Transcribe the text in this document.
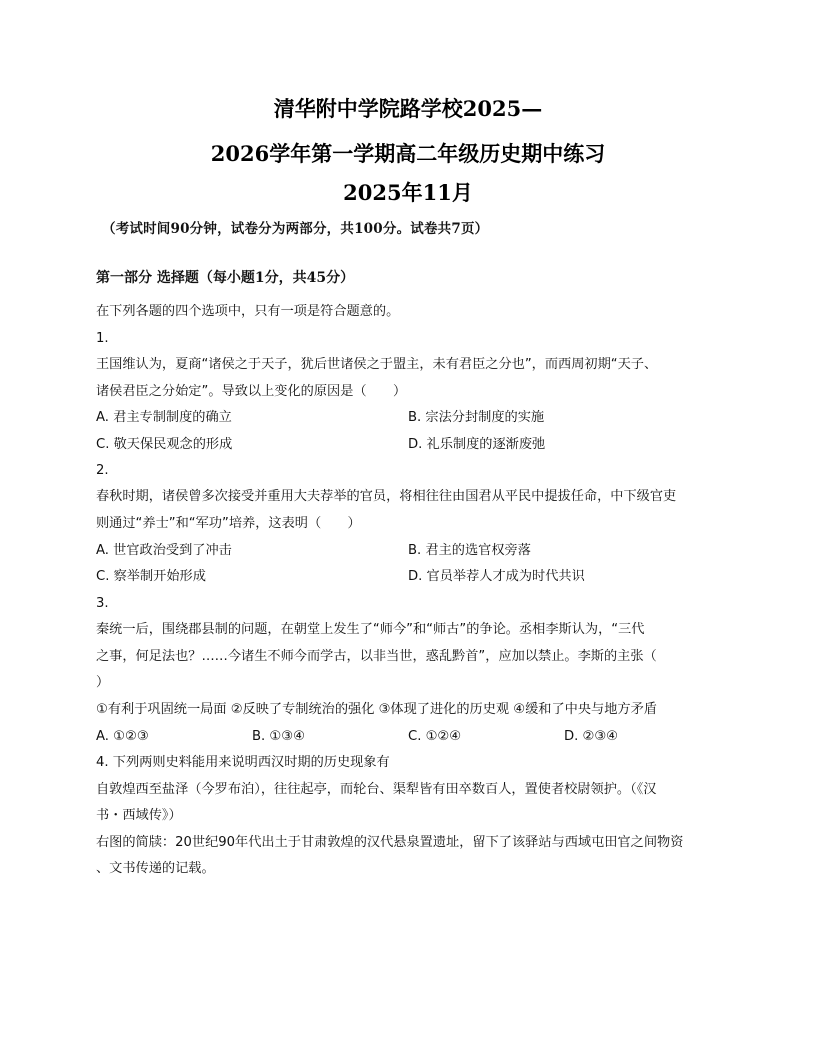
清华附中学院路学校2025—
2026学年第一学期高二年级历史期中练习
2025年11月
（考试时间90分钟，试卷分为两部分，共100分。试卷共7页）
第一部分 选择题（每小题1分，共45分）
在下列各题的四个选项中，只有一项是符合题意的。
1.
王国维认为，夏商“诸侯之于天子，犹后世诸侯之于盟主，未有君臣之分也”，而西周初期“天子、
诸侯君臣之分始定”。导致以上变化的原因是（　　）
A. 君主专制制度的确立	B. 宗法分封制度的实施
C. 敬天保民观念的形成	D. 礼乐制度的逐渐废弛
2.
春秋时期，诸侯曾多次接受并重用大夫荐举的官员，将相往往由国君从平民中提拔任命，中下级官吏
则通过“养士”和“军功”培养，这表明（　　）
A. 世官政治受到了冲击	B. 君主的选官权旁落
C. 察举制开始形成	D. 官员举荐人才成为时代共识
3.
秦统一后，围绕郡县制的问题，在朝堂上发生了“师今”和“师古”的争论。丞相李斯认为，“三代
之事，何足法也？……今诸生不师今而学古，以非当世，惑乱黔首”，应加以禁止。李斯的主张（
）
①有利于巩固统一局面 ②反映了专制统治的强化 ③体现了进化的历史观 ④缓和了中央与地方矛盾
A. ①②③	B. ①③④	C. ①②④	D. ②③④
4. 下列两则史料能用来说明西汉时期的历史现象有
自敦煌西至盐泽（今罗布泊），往往起亭，而轮台、渠犁皆有田卒数百人，置使者校尉领护。（《汉
书・西域传》）
右图的简牍：20世纪90年代出土于甘肃敦煌的汉代悬泉置遗址，留下了该驿站与西域屯田官之间物资
、文书传递的记载。
